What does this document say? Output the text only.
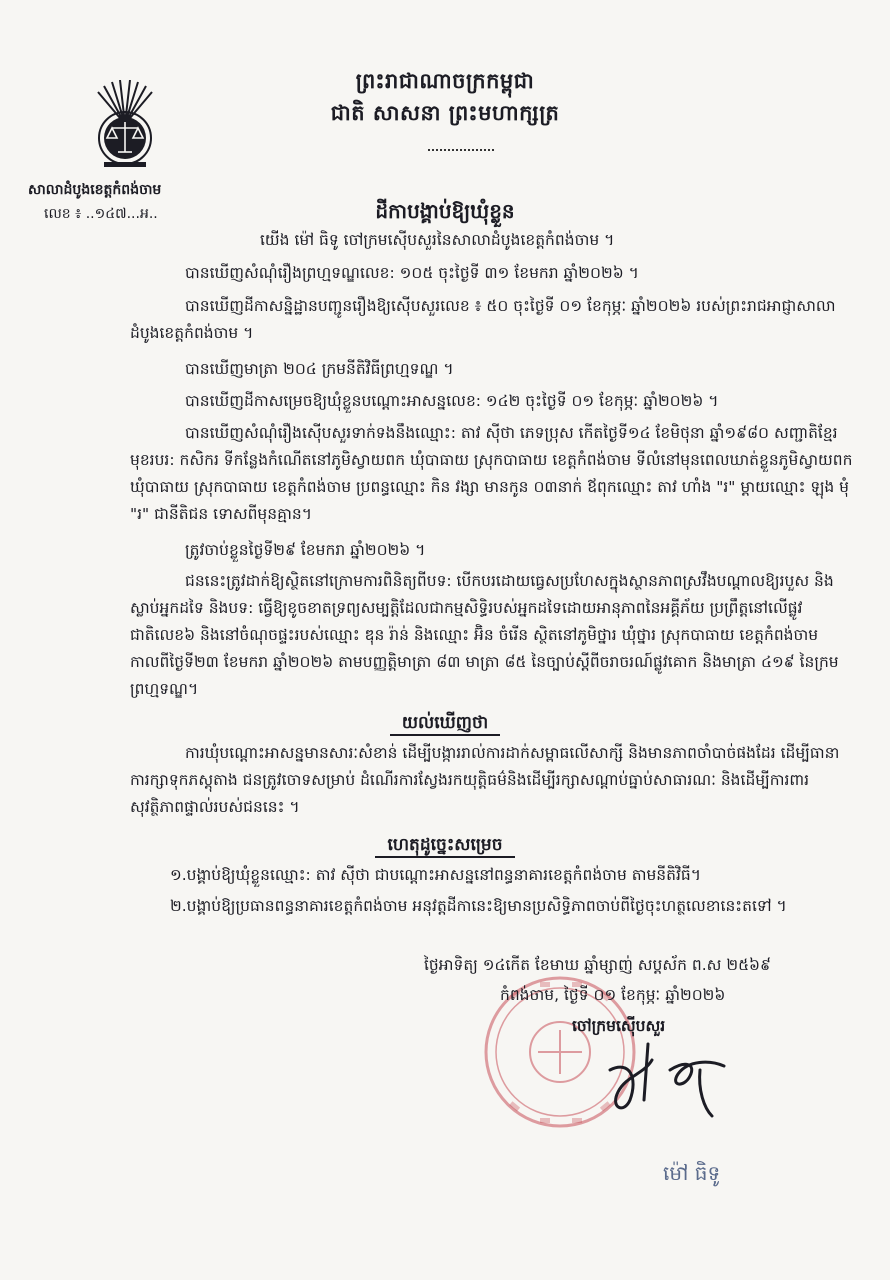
ព្រះរាជាណាចក្រកម្ពុជា
ជាតិ សាសនា ព្រះមហាក្សត្រ
សាលាដំបូងខេត្តកំពង់ចាម
លេខ ៖ ..១៤៧...អ..	ដីកាបង្គាប់ឱ្យឃុំខ្លួន

យើង ម៉ៅ ធិទូ ចៅក្រមស៊ើបសួរនៃសាលាដំបូងខេត្តកំពង់ចាម ។

បានឃើញសំណុំរឿងព្រហ្មទណ្ឌលេខ: ១០៥ ចុះថ្ងៃទី ៣១ ខែមករា ឆ្នាំ២០២៦ ។

បានឃើញដីកាសន្និដ្ឋានបញ្ជូនរឿងឱ្យស៊ើបសួរលេខ ៖ ៥០ ចុះថ្ងៃទី ០១ ខែកុម្ភៈ ឆ្នាំ២០២៦ របស់ព្រះរាជអាជ្ញាសាលាដំបូងខេត្តកំពង់ចាម ។

បានឃើញមាត្រា ២០៤ ក្រមនីតិវិធីព្រហ្មទណ្ឌ ។

បានឃើញដីកាសម្រេចឱ្យឃុំខ្លួនបណ្ដោះអាសន្នលេខ: ១៤២ ចុះថ្ងៃទី ០១ ខែកុម្ភៈ ឆ្នាំ២០២៦ ។

បានឃើញសំណុំរឿងស៊ើបសួរទាក់ទងនឹងឈ្មោះ: តាវ ស៊ីថា ភេទប្រុស កើតថ្ងៃទី១៤ ខែមិថុនា ឆ្នាំ១៩៨០ សញ្ជាតិខ្មែរ មុខរបរ: កសិករ ទីកន្លែងកំណើតនៅភូមិស្វាយពក ឃុំបាធាយ ស្រុកបាធាយ ខេត្តកំពង់ចាម ទីលំនៅមុនពេលឃាត់ខ្លួនភូមិស្វាយពក ឃុំបាធាយ ស្រុកបាធាយ ខេត្តកំពង់ចាម ប្រពន្ធឈ្មោះ កិន វង្សា មានកូន ០៣នាក់ ឪពុកឈ្មោះ តាវ ហាំង "រ" ម្ដាយឈ្មោះ ឡុង មុំ "រ" ជានីតិជន ទោសពីមុនគ្មាន។

ត្រូវចាប់ខ្លួនថ្ងៃទី២៩ ខែមករា ឆ្នាំ២០២៦ ។

ជននេះត្រូវដាក់ឱ្យស្ថិតនៅក្រោមការពិនិត្យពីបទ: បើកបរដោយធ្វេសប្រហែសក្នុងស្ថានភាពស្រវឹងបណ្ដាលឱ្យរបួស និងស្លាប់អ្នកដទៃ និងបទ: ធ្វើឱ្យខូចខាតទ្រព្យសម្បត្តិដែលជាកម្មសិទ្ធិរបស់អ្នកដទៃដោយអានុភាពនៃអគ្គីភ័យ ប្រព្រឹត្តនៅលើផ្លូវជាតិលេខ៦ និងនៅចំណុចផ្ទះរបស់ឈ្មោះ ឌុន រ៉ាន់ និងឈ្មោះ អ៊ិន ចំរើន ស្ថិតនៅភូមិថ្នារ ឃុំថ្នារ ស្រុកបាធាយ ខេត្តកំពង់ចាម កាលពីថ្ងៃទី២៣ ខែមករា ឆ្នាំ២០២៦ តាមបញ្ញត្តិមាត្រា ៨៣ មាត្រា ៨៥ នៃច្បាប់ស្ដីពីចរាចរណ៍ផ្លូវគោក និងមាត្រា ៤១៩ នៃក្រមព្រហ្មទណ្ឌ។

យល់ឃើញថា

ការឃុំបណ្ដោះអាសន្នមានសារៈសំខាន់ ដើម្បីបង្ការរាល់ការដាក់សម្ពាធលើសាក្សី និងមានភាពចាំបាច់ផងដែរ ដើម្បីធានាការក្សាទុកភស្តុតាង ជនត្រូវចោទសម្រាប់ ដំណើរការស្វែងរកយុត្តិធម៌និងដើម្បីរក្សាសណ្ដាប់ធ្នាប់សាធារណៈ និងដើម្បីការពារសុវត្ថិភាពផ្ទាល់របស់ជននេះ ។

ហេតុដូច្នេះសម្រេច

១.បង្គាប់ឱ្យឃុំខ្លួនឈ្មោះ: តាវ ស៊ីថា ជាបណ្ដោះអាសន្ននៅពន្ធនាគារខេត្តកំពង់ចាម តាមនីតិវិធី។

២.បង្គាប់ឱ្យប្រធានពន្ធនាគារខេត្តកំពង់ចាម អនុវត្តដីកានេះឱ្យមានប្រសិទ្ធិភាពចាប់ពីថ្ងៃចុះហត្ថលេខានេះតទៅ ។

ថ្ងៃអាទិត្យ ១៤កើត ខែមាឃ ឆ្នាំម្សាញ់ សប្តស័ក ព.ស ២៥៦៩
កំពង់ចាម, ថ្ងៃទី ០១ ខែកុម្ភៈ ឆ្នាំ២០២៦
ចៅក្រមស៊ើបសួរ
ម៉ៅ ធិទូ
